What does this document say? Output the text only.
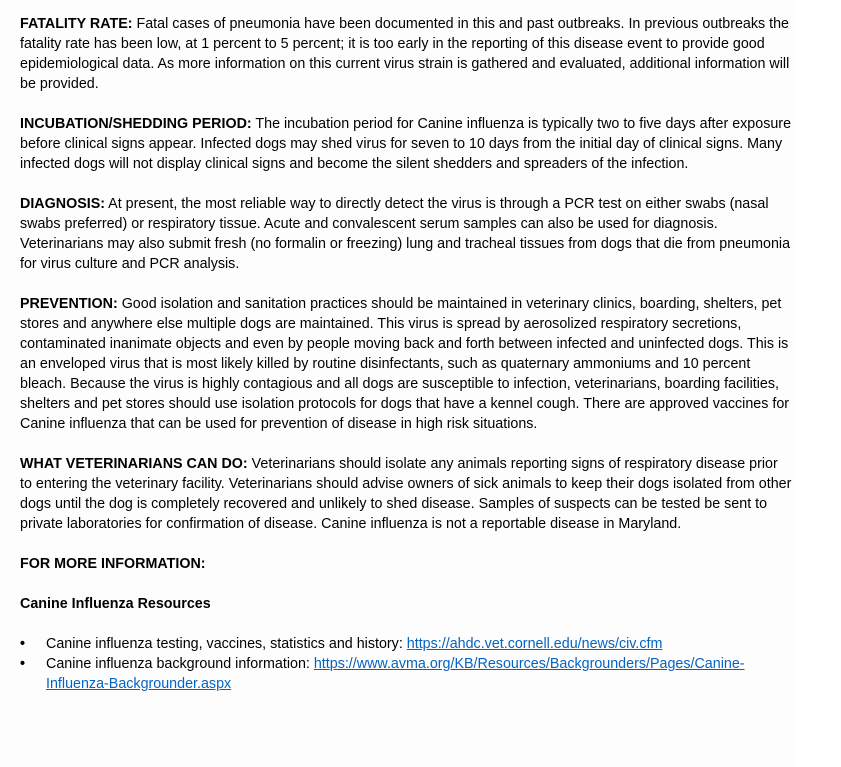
FATALITY RATE: Fatal cases of pneumonia have been documented in this and past outbreaks. In previous outbreaks the fatality rate has been low, at 1 percent to 5 percent; it is too early in the reporting of this disease event to provide good epidemiological data. As more information on this current virus strain is gathered and evaluated, additional information will be provided.

INCUBATION/SHEDDING PERIOD: The incubation period for Canine influenza is typically two to five days after exposure before clinical signs appear. Infected dogs may shed virus for seven to 10 days from the initial day of clinical signs. Many infected dogs will not display clinical signs and become the silent shedders and spreaders of the infection.

DIAGNOSIS: At present, the most reliable way to directly detect the virus is through a PCR test on either swabs (nasal swabs preferred) or respiratory tissue. Acute and convalescent serum samples can also be used for diagnosis. Veterinarians may also submit fresh (no formalin or freezing) lung and tracheal tissues from dogs that die from pneumonia for virus culture and PCR analysis.

PREVENTION: Good isolation and sanitation practices should be maintained in veterinary clinics, boarding, shelters, pet stores and anywhere else multiple dogs are maintained. This virus is spread by aerosolized respiratory secretions, contaminated inanimate objects and even by people moving back and forth between infected and uninfected dogs. This is an enveloped virus that is most likely killed by routine disinfectants, such as quaternary ammoniums and 10 percent bleach. Because the virus is highly contagious and all dogs are susceptible to infection, veterinarians, boarding facilities, shelters and pet stores should use isolation protocols for dogs that have a kennel cough. There are approved vaccines for Canine influenza that can be used for prevention of disease in high risk situations.

WHAT VETERINARIANS CAN DO: Veterinarians should isolate any animals reporting signs of respiratory disease prior to entering the veterinary facility. Veterinarians should advise owners of sick animals to keep their dogs isolated from other dogs until the dog is completely recovered and unlikely to shed disease. Samples of suspects can be tested be sent to private laboratories for confirmation of disease. Canine influenza is not a reportable disease in Maryland.

FOR MORE INFORMATION:
Canine Influenza Resources
• Canine influenza testing, vaccines, statistics and history: https://ahdc.vet.cornell.edu/news/civ.cfm
• Canine influenza background information: https://www.avma.org/KB/Resources/Backgrounders/Pages/Canine-Influenza-Backgrounder.aspx
